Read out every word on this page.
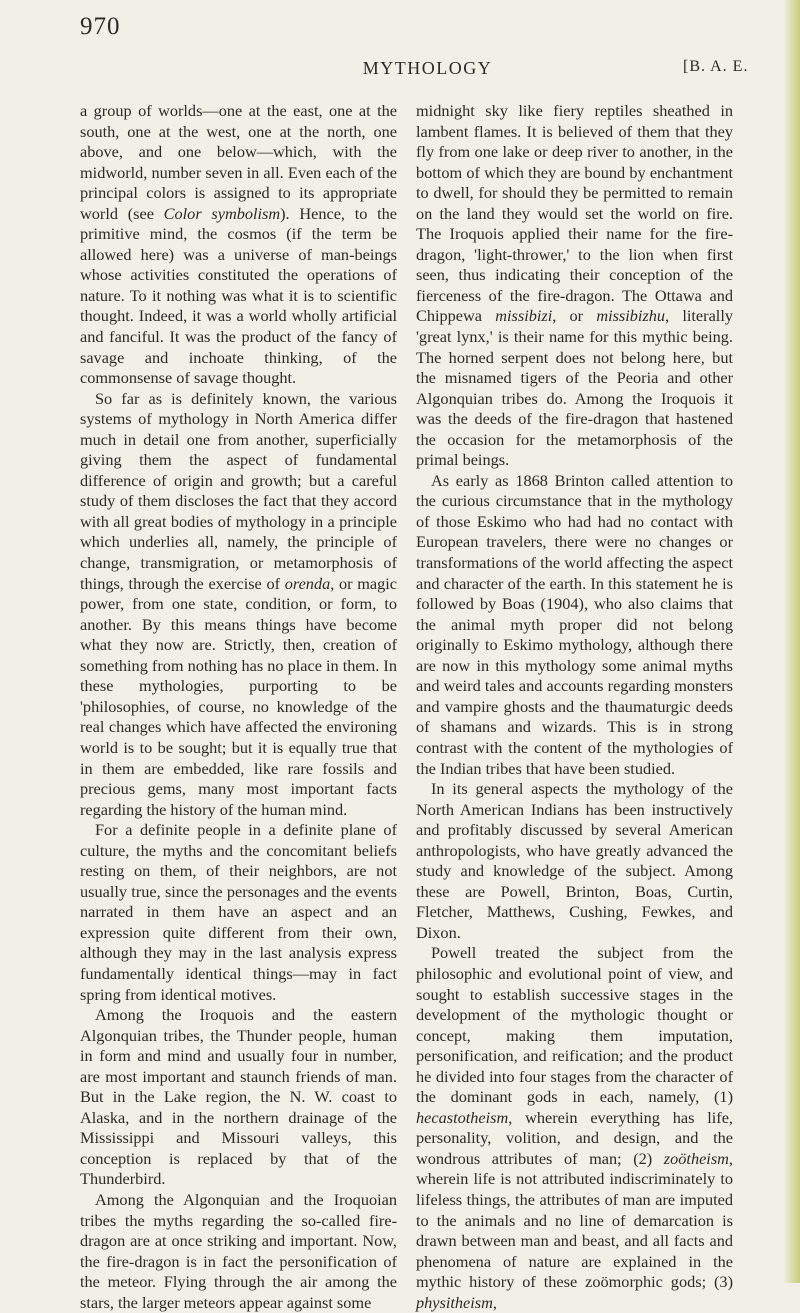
970
MYTHOLOGY	[B. A. E.

a group of worlds—one at the east, one at the south, one at the west, one at the north, one above, and one below—which, with the midworld, number seven in all. Even each of the principal colors is assigned to its appropriate world (see Color symbolism). Hence, to the primitive mind, the cosmos (if the term be allowed here) was a universe of man-beings whose activities constituted the operations of nature. To it nothing was what it is to scientific thought. Indeed, it was a world wholly artificial and fanciful. It was the product of the fancy of savage and inchoate thinking, of the commonsense of savage thought.

So far as is definitely known, the various systems of mythology in North America differ much in detail one from another, superficially giving them the aspect of fundamental difference of origin and growth; but a careful study of them discloses the fact that they accord with all great bodies of mythology in a principle which underlies all, namely, the principle of change, transmigration, or metamorphosis of things, through the exercise of orenda, or magic power, from one state, condition, or form, to another. By this means things have become what they now are. Strictly, then, creation of something from nothing has no place in them. In these mythologies, purporting to be 'philosophies, of course, no knowledge of the real changes which have affected the environing world is to be sought; but it is equally true that in them are embedded, like rare fossils and precious gems, many most important facts regarding the history of the human mind.

For a definite people in a definite plane of culture, the myths and the concomitant beliefs resting on them, of their neighbors, are not usually true, since the personages and the events narrated in them have an aspect and an expression quite different from their own, although they may in the last analysis express fundamentally identical things—may in fact spring from identical motives.

Among the Iroquois and the eastern Algonquian tribes, the Thunder people, human in form and mind and usually four in number, are most important and staunch friends of man. But in the Lake region, the N. W. coast to Alaska, and in the northern drainage of the Mississippi and Missouri valleys, this conception is replaced by that of the Thunderbird.

Among the Algonquian and the Iroquoian tribes the myths regarding the so-called fire-dragon are at once striking and important. Now, the fire-dragon is in fact the personification of the meteor. Flying through the air among the stars, the larger meteors appear against some

midnight sky like fiery reptiles sheathed in lambent flames. It is believed of them that they fly from one lake or deep river to another, in the bottom of which they are bound by enchantment to dwell, for should they be permitted to remain on the land they would set the world on fire. The Iroquois applied their name for the fire-dragon, 'light-thrower,' to the lion when first seen, thus indicating their conception of the fierceness of the fire-dragon. The Ottawa and Chippewa missibizi, or missibizhu, literally 'great lynx,' is their name for this mythic being. The horned serpent does not belong here, but the misnamed tigers of the Peoria and other Algonquian tribes do. Among the Iroquois it was the deeds of the fire-dragon that hastened the occasion for the metamorphosis of the primal beings.

As early as 1868 Brinton called attention to the curious circumstance that in the mythology of those Eskimo who had had no contact with European travelers, there were no changes or transformations of the world affecting the aspect and character of the earth. In this statement he is followed by Boas (1904), who also claims that the animal myth proper did not belong originally to Eskimo mythology, although there are now in this mythology some animal myths and weird tales and accounts regarding monsters and vampire ghosts and the thaumaturgic deeds of shamans and wizards. This is in strong contrast with the content of the mythologies of the Indian tribes that have been studied.

In its general aspects the mythology of the North American Indians has been instructively and profitably discussed by several American anthropologists, who have greatly advanced the study and knowledge of the subject. Among these are Powell, Brinton, Boas, Curtin, Fletcher, Matthews, Cushing, Fewkes, and Dixon.

Powell treated the subject from the philosophic and evolutional point of view, and sought to establish successive stages in the development of the mythologic thought or concept, making them imputation, personification, and reification; and the product he divided into four stages from the character of the dominant gods in each, namely, (1) hecastotheism, wherein everything has life, personality, volition, and design, and the wondrous attributes of man; (2) zoötheism, wherein life is not attributed indiscriminately to lifeless things, the attributes of man are imputed to the animals and no line of demarcation is drawn between man and beast, and all facts and phenomena of nature are explained in the mythic history of these zoömorphic gods; (3) physitheism,
